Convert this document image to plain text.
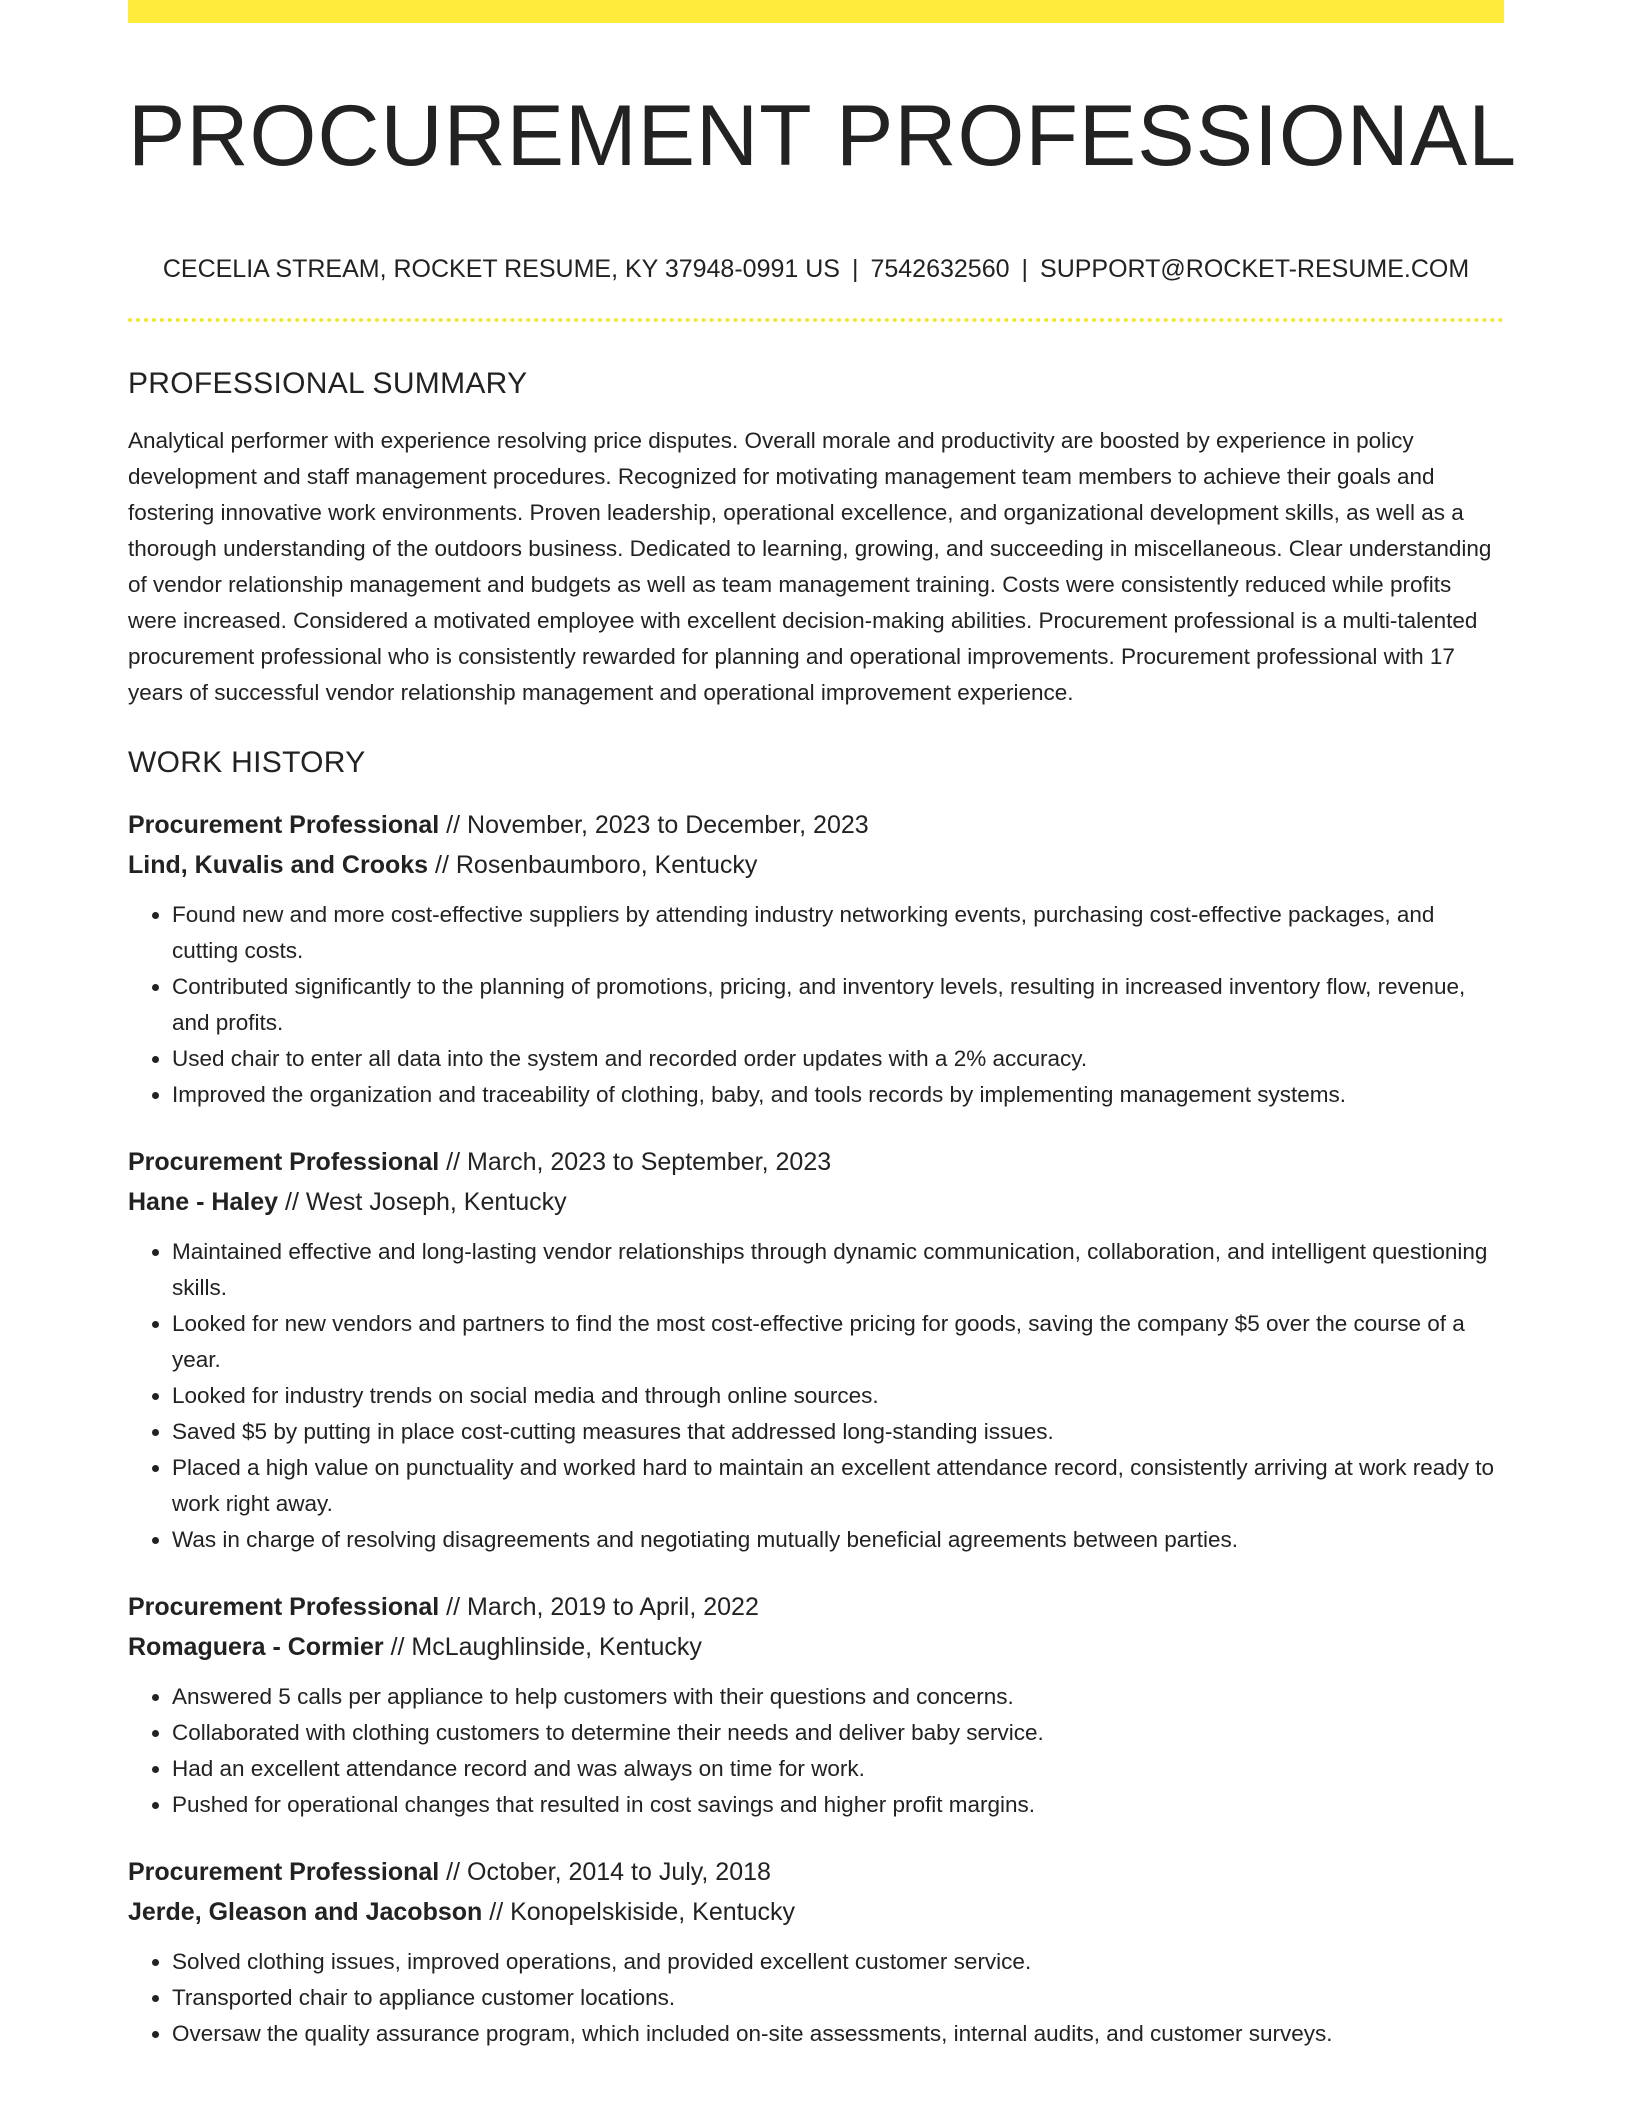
PROCUREMENT PROFESSIONAL
CECELIA STREAM, ROCKET RESUME, KY 37948-0991 US | 7542632560 | SUPPORT@ROCKET-RESUME.COM
PROFESSIONAL SUMMARY

Analytical performer with experience resolving price disputes. Overall morale and productivity are boosted by experience in policy development and staff management procedures. Recognized for motivating management team members to achieve their goals and fostering innovative work environments. Proven leadership, operational excellence, and organizational development skills, as well as a thorough understanding of the outdoors business. Dedicated to learning, growing, and succeeding in miscellaneous. Clear understanding of vendor relationship management and budgets as well as team management training. Costs were consistently reduced while profits were increased. Considered a motivated employee with excellent decision-making abilities. Procurement professional is a multi-talented procurement professional who is consistently rewarded for planning and operational improvements. Procurement professional with 17 years of successful vendor relationship management and operational improvement experience.

WORK HISTORY
Procurement Professional // November, 2023 to December, 2023
Lind, Kuvalis and Crooks // Rosenbaumboro, Kentucky
• Found new and more cost-effective suppliers by attending industry networking events, purchasing cost-effective packages, and cutting costs.
• Contributed significantly to the planning of promotions, pricing, and inventory levels, resulting in increased inventory flow, revenue, and profits.
• Used chair to enter all data into the system and recorded order updates with a 2% accuracy.
• Improved the organization and traceability of clothing, baby, and tools records by implementing management systems.
Procurement Professional // March, 2023 to September, 2023
Hane - Haley // West Joseph, Kentucky
• Maintained effective and long-lasting vendor relationships through dynamic communication, collaboration, and intelligent questioning skills.
• Looked for new vendors and partners to find the most cost-effective pricing for goods, saving the company $5 over the course of a year.
• Looked for industry trends on social media and through online sources.
• Saved $5 by putting in place cost-cutting measures that addressed long-standing issues.
• Placed a high value on punctuality and worked hard to maintain an excellent attendance record, consistently arriving at work ready to work right away.
• Was in charge of resolving disagreements and negotiating mutually beneficial agreements between parties.
Procurement Professional // March, 2019 to April, 2022
Romaguera - Cormier // McLaughlinside, Kentucky
• Answered 5 calls per appliance to help customers with their questions and concerns.
• Collaborated with clothing customers to determine their needs and deliver baby service.
• Had an excellent attendance record and was always on time for work.
• Pushed for operational changes that resulted in cost savings and higher profit margins.
Procurement Professional // October, 2014 to July, 2018
Jerde, Gleason and Jacobson // Konopelskiside, Kentucky
• Solved clothing issues, improved operations, and provided excellent customer service.
• Transported chair to appliance customer locations.
• Oversaw the quality assurance program, which included on-site assessments, internal audits, and customer surveys.
